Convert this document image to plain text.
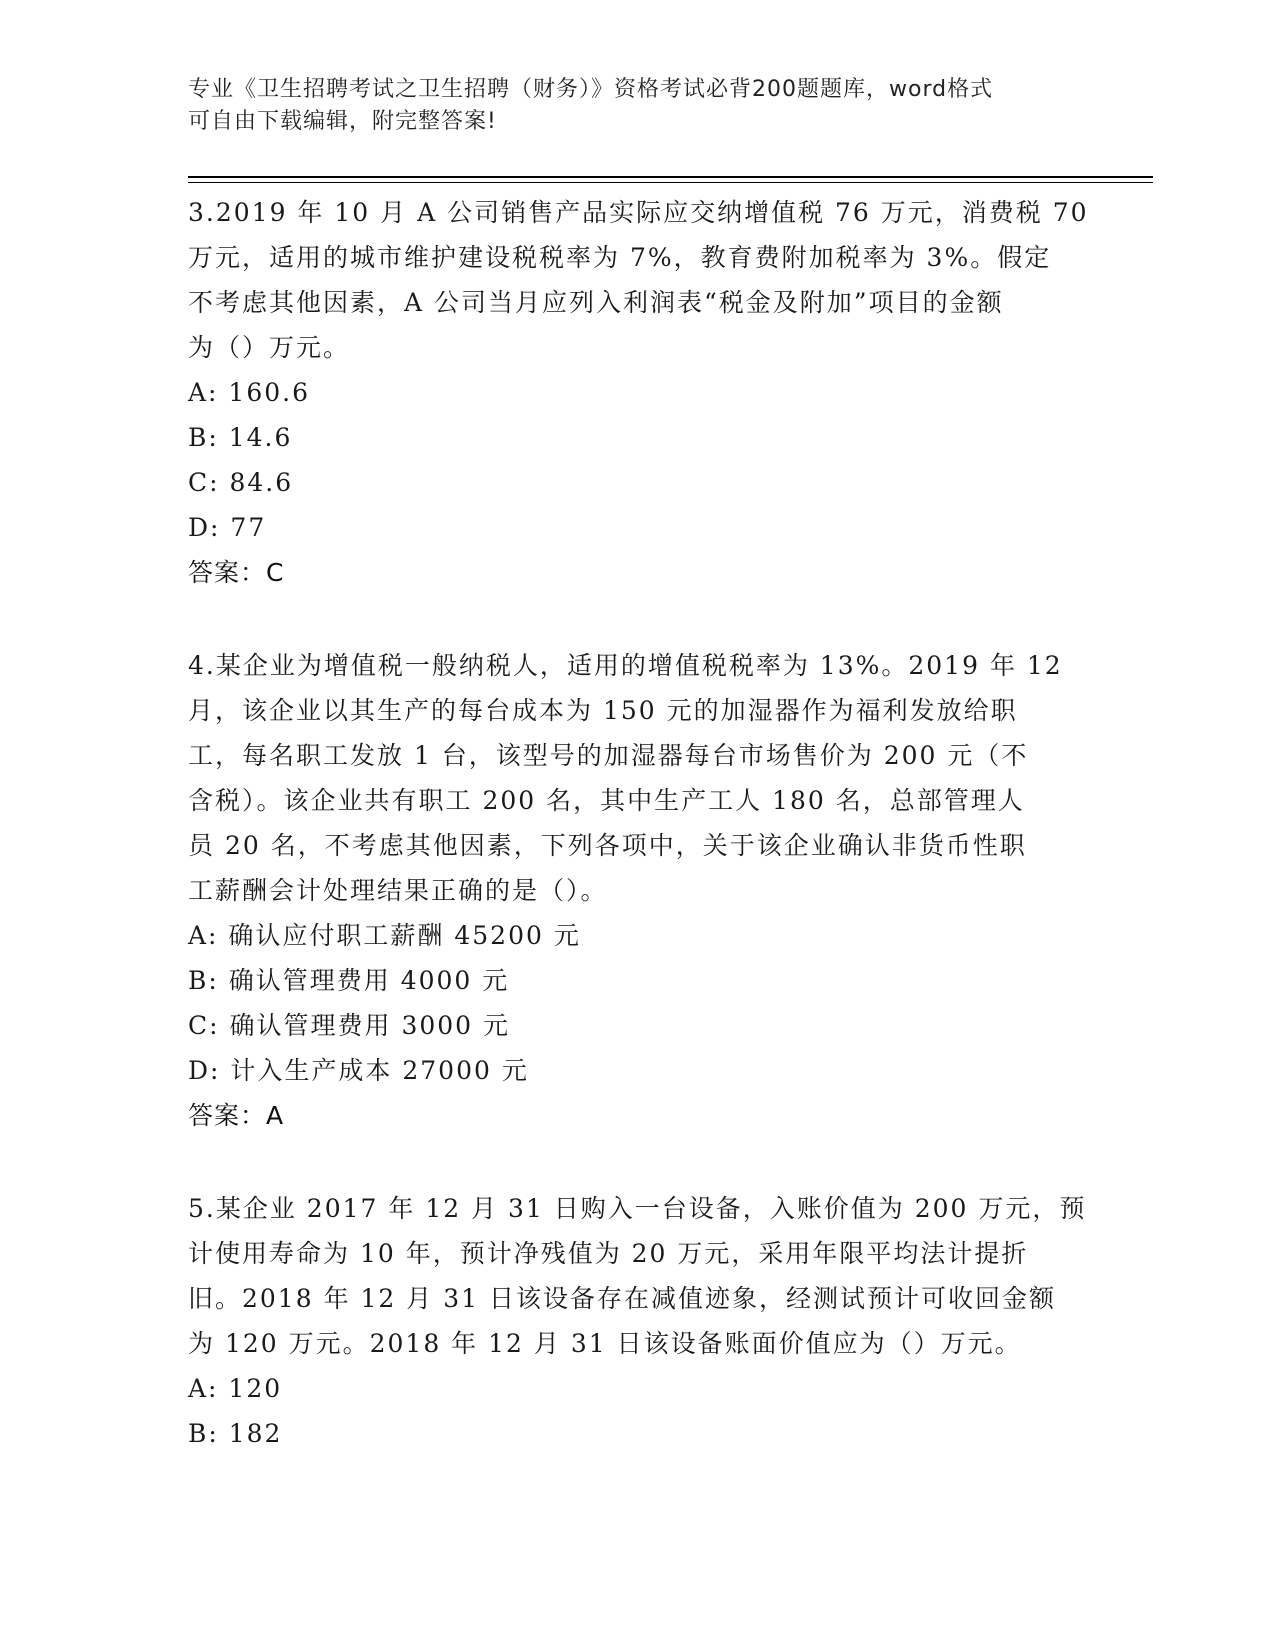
专业《卫生招聘考试之卫生招聘（财务）》资格考试必背200题题库，word格式
可自由下载编辑，附完整答案!
3.2019 年 10 月 A 公司销售产品实际应交纳增值税 76 万元，消费税 70
万元，适用的城市维护建设税税率为 7%，教育费附加税率为 3%。假定
不考虑其他因素，A 公司当月应列入利润表“税金及附加”项目的金额
为（）万元。
A: 160.6
B: 14.6
C: 84.6
D: 77
答案：C
4.某企业为增值税一般纳税人，适用的增值税税率为 13%。2019 年 12
月，该企业以其生产的每台成本为 150 元的加湿器作为福利发放给职
工，每名职工发放 1 台，该型号的加湿器每台市场售价为 200 元（不
含税）。该企业共有职工 200 名，其中生产工人 180 名，总部管理人
员 20 名，不考虑其他因素，下列各项中，关于该企业确认非货币性职
工薪酬会计处理结果正确的是（）。
A: 确认应付职工薪酬 45200 元
B: 确认管理费用 4000 元
C: 确认管理费用 3000 元
D: 计入生产成本 27000 元
答案：A
5.某企业 2017 年 12 月 31 日购入一台设备，入账价值为 200 万元，预
计使用寿命为 10 年，预计净残值为 20 万元，采用年限平均法计提折
旧。2018 年 12 月 31 日该设备存在减值迹象，经测试预计可收回金额
为 120 万元。2018 年 12 月 31 日该设备账面价值应为（）万元。
A: 120
B: 182
